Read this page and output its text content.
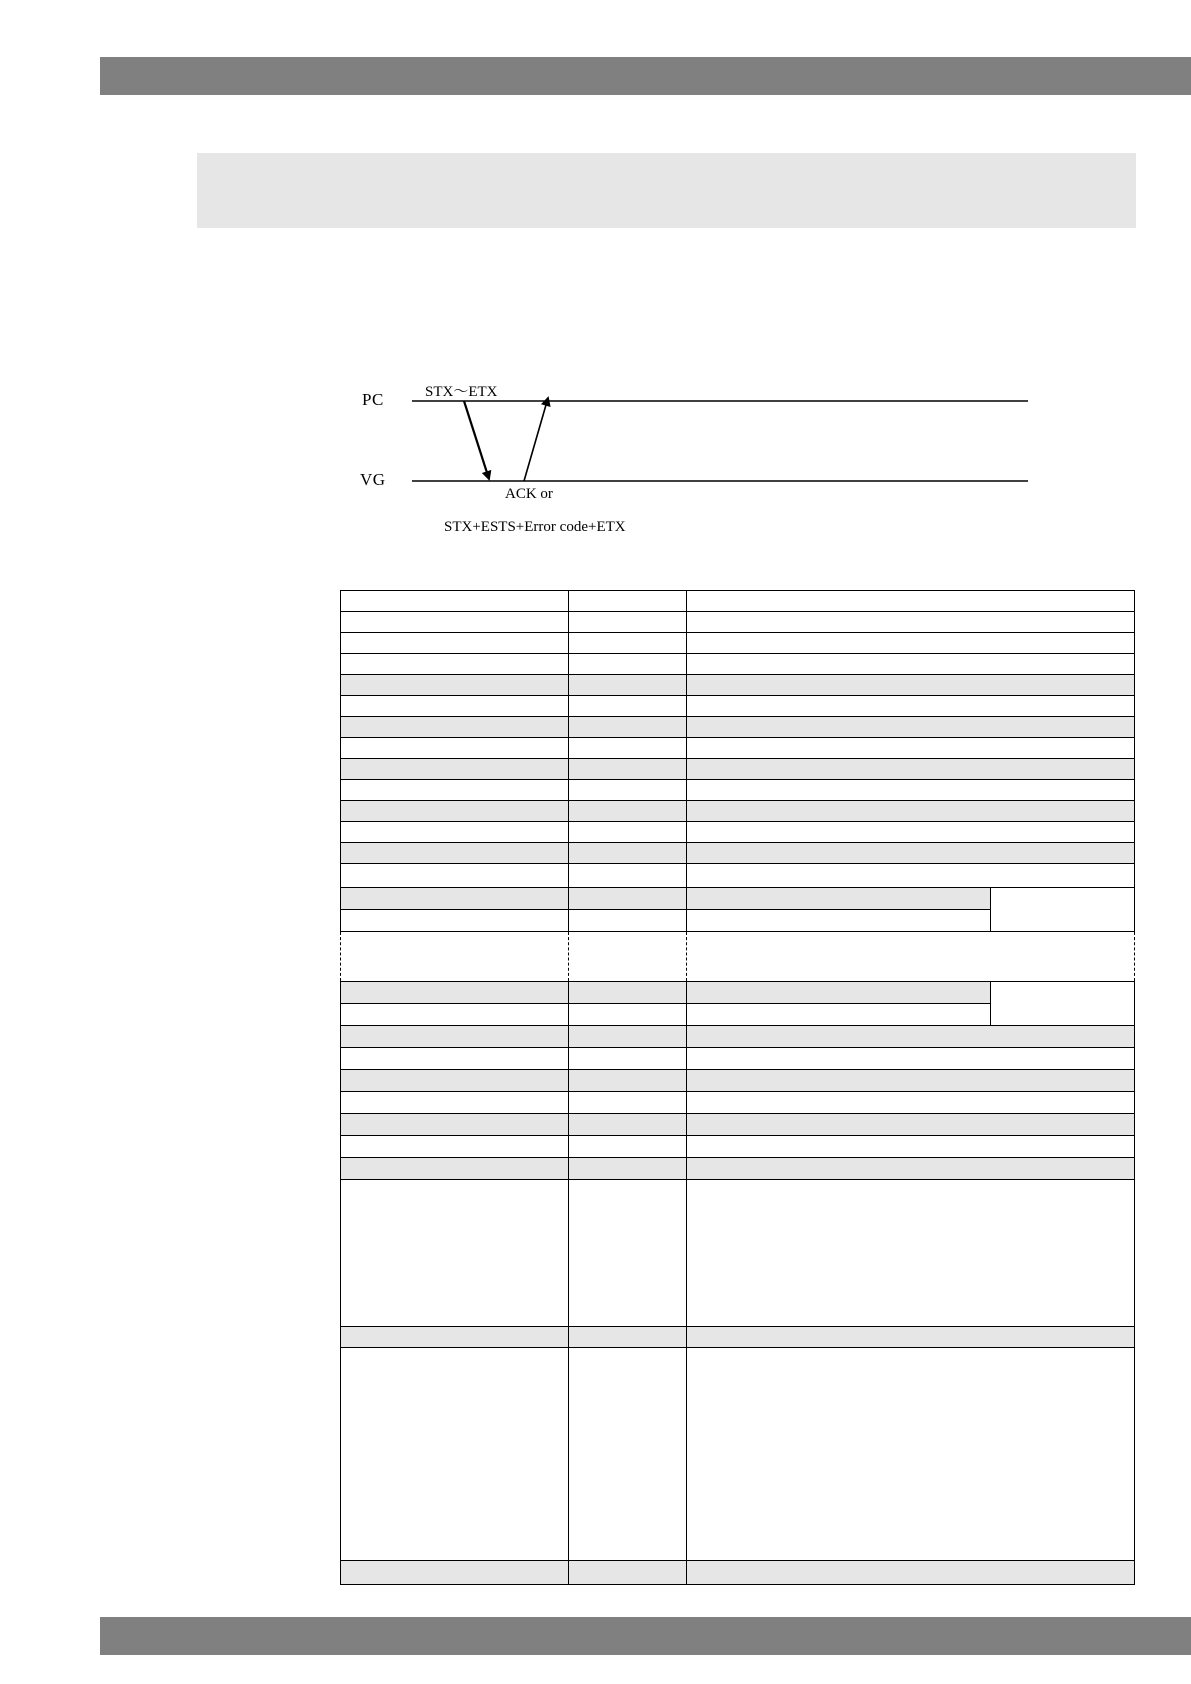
PC
VG
STX～ETX
ACK or
STX+ESTS+Error code+ETX
